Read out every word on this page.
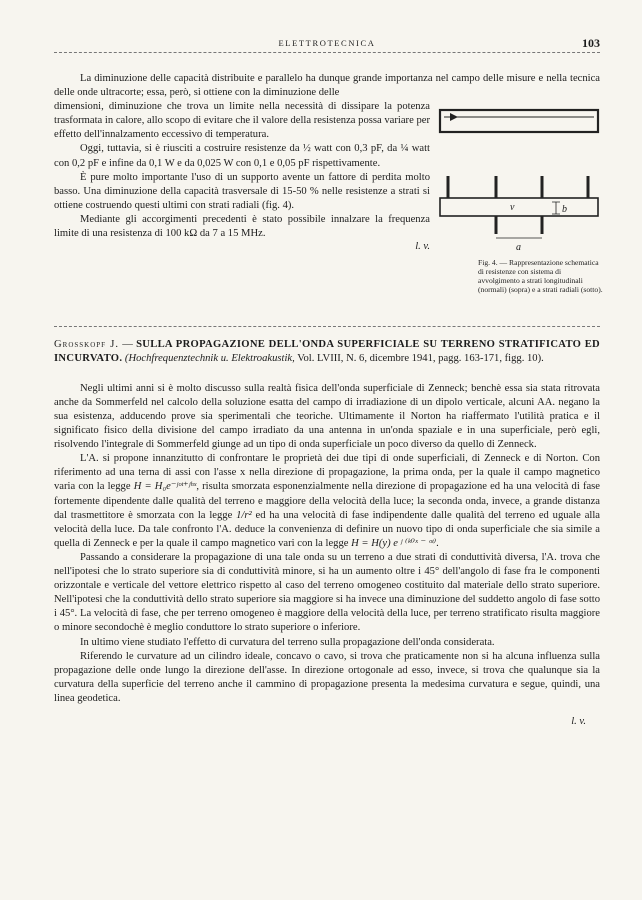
ELETTROTECNICA	103

La diminuzione delle capacità distribuite e parallelo ha dunque grande importanza nel campo delle misure e nella tecnica delle onde ultracorte; essa, però, si ottiene con la diminuzione delle

dimensioni, diminuzione che trova un limite nella necessità di dissipare la potenza trasformata in calore, allo scopo di evitare che il valore della resistenza possa variare per effetto dell'innalzamento eccessivo di temperatura.

Oggi, tuttavia, si è riusciti a costruire resistenze da ½ watt con 0,3 pF, da ¼ watt con 0,2 pF e infine da 0,1 W e da 0,025 W con 0,1 e 0,05 pF rispettivamente.

È pure molto importante l'uso di un supporto avente un fattore di perdita molto basso. Una diminuzione della capacità trasversale di 15-50 % nelle resistenze a strati si ottiene costruendo questi ultimi con strati radiali (fig. 4).

Mediante gli accorgimenti precedenti è stato possibile innalzare la frequenza limite di una resistenza di 100 kΩ da 7 a 15 MHz.

l. v.
v	b
a
Fig. 4. — Rappresentazione schematica di resistenze con sistema di avvolgimento a strati longitudinali (normali) (sopra) e a strati radiali (sotto).

Grosskopf J. — SULLA PROPAGAZIONE DELL'ONDA SUPERFICIALE SU TERRENO STRATIFICATO ED INCURVATO. (Hochfrequenztechnik u. Elektroakustik, Vol. LVIII, N. 6, dicembre 1941, pagg. 163-171, figg. 10).

Negli ultimi anni si è molto discusso sulla realtà fisica dell'onda superficiale di Zenneck; benchè essa sia stata ritrovata anche da Sommerfeld nel calcolo della soluzione esatta del campo di irradiazione di un dipolo verticale, alcuni AA. negano la sua esistenza, adducendo prove sia sperimentali che teoriche. Ultimamente il Norton ha riaffermato l'utilità pratica e il significato fisico della divisione del campo irradiato da una antenna in un'onda spaziale e in una superficiale, però egli, risolvendo l'integrale di Sommerfeld giunge ad un tipo di onda superficiale un poco diverso da quello di Zenneck.

L'A. si propone innanzitutto di confrontare le proprietà dei due tipi di onde superficiali, di Zenneck e di Norton. Con riferimento ad una terna di assi con l'asse x nella direzione di propagazione, la prima onda, per la quale il campo magnetico varia con la legge H = H₀e⁻ʲᵒᵗ⁺ʲʰˣ, risulta smorzata esponenzialmente nella direzione di propagazione ed ha una velocità di fase fortemente dipendente dalle qualità del terreno e maggiore della velocità della luce; la seconda onda, invece, a grande distanza dal trasmettitore è smorzata con la legge 1/r² ed ha una velocità di fase indipendente dalle qualità del terreno ed uguale alla velocità della luce. Da tale confronto l'A. deduce la convenienza di definire un nuovo tipo di onda superficiale che sia simile a quella di Zenneck e per la quale il campo magnetico vari con la legge H = H(y) e ʲ ⁽ᵏ⁰ˣ ⁻ ᵒᵗ⁾.

Passando a considerare la propagazione di una tale onda su un terreno a due strati di conduttività diversa, l'A. trova che nell'ipotesi che lo strato superiore sia di conduttività minore, si ha un aumento oltre i 45° dell'angolo di fase fra le componenti orizzontale e verticale del vettore elettrico rispetto al caso del terreno omogeneo costituito dal materiale dello strato superiore. Nell'ipotesi che la conduttività dello strato superiore sia maggiore si ha invece una diminuzione del suddetto angolo di fase sotto i 45°. La velocità di fase, che per terreno omogeneo è maggiore della velocità della luce, per terreno stratificato risulta maggiore o minore secondochè è meglio conduttore lo strato superiore o inferiore.

In ultimo viene studiato l'effetto di curvatura del terreno sulla propagazione dell'onda considerata.

Riferendo le curvature ad un cilindro ideale, concavo o cavo, si trova che praticamente non si ha alcuna influenza sulla propagazione delle onde lungo la direzione dell'asse. In direzione ortogonale ad esso, invece, si trova che qualunque sia la curvatura della superficie del terreno anche il cammino di propagazione presenta la medesima curvatura e segue, quindi, una linea geodetica.

l. v.
